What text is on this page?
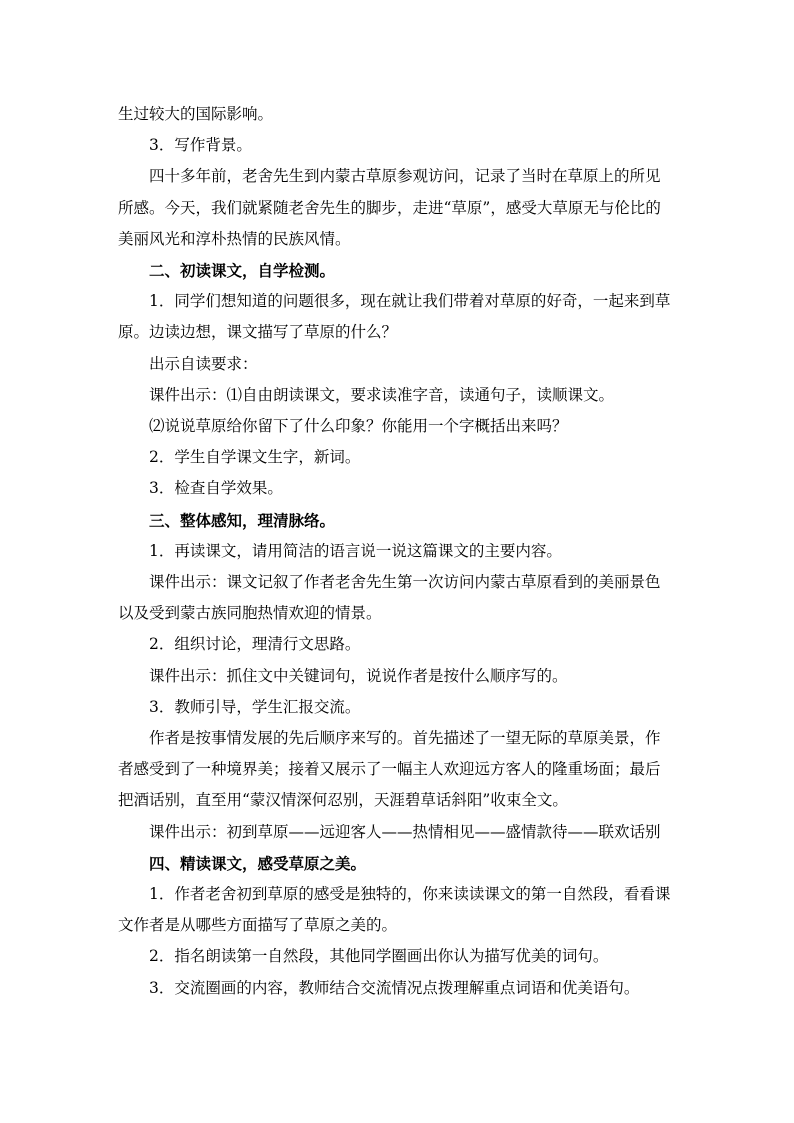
生过较大的国际影响。

3．写作背景。

四十多年前，老舍先生到内蒙古草原参观访问，记录了当时在草原上的所见

所感。今天，我们就紧随老舍先生的脚步，走进“草原”，感受大草原无与伦比的

美丽风光和淳朴热情的民族风情。

二、初读课文，自学检测。

1．同学们想知道的问题很多，现在就让我们带着对草原的好奇，一起来到草

原。边读边想，课文描写了草原的什么？

出示自读要求：

课件出示：⑴自由朗读课文，要求读准字音，读通句子，读顺课文。

⑵说说草原给你留下了什么印象？你能用一个字概括出来吗？

2．学生自学课文生字，新词。

3．检查自学效果。

三、整体感知，理清脉络。

1．再读课文，请用简洁的语言说一说这篇课文的主要内容。

课件出示：课文记叙了作者老舍先生第一次访问内蒙古草原看到的美丽景色

以及受到蒙古族同胞热情欢迎的情景。

2．组织讨论，理清行文思路。

课件出示：抓住文中关键词句，说说作者是按什么顺序写的。

3．教师引导，学生汇报交流。

作者是按事情发展的先后顺序来写的。首先描述了一望无际的草原美景，作

者感受到了一种境界美；接着又展示了一幅主人欢迎远方客人的隆重场面；最后

把酒话别，直至用“蒙汉情深何忍别，天涯碧草话斜阳”收束全文。

课件出示：初到草原——远迎客人——热情相见——盛情款待——联欢话别

四、精读课文，感受草原之美。

1．作者老舍初到草原的感受是独特的，你来读读课文的第一自然段，看看课

文作者是从哪些方面描写了草原之美的。

2．指名朗读第一自然段，其他同学圈画出你认为描写优美的词句。

3．交流圈画的内容，教师结合交流情况点拨理解重点词语和优美语句。
